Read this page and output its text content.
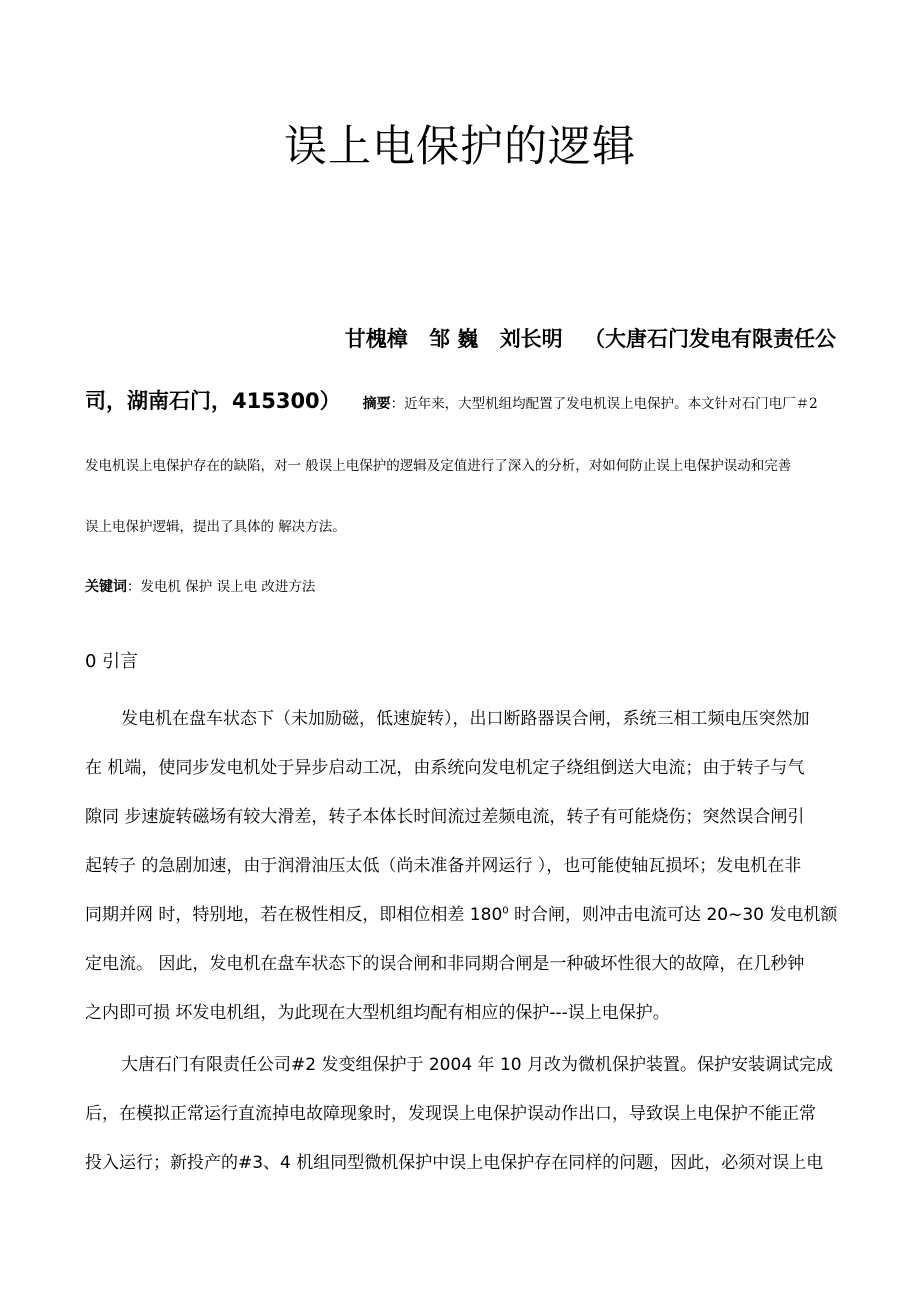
误上电保护的逻辑
甘槐樟 邹 巍 刘长明 （大唐石门发电有限责任公
司，湖南石门，415300） 摘要：近年来，大型机组均配置了发电机误上电保护。本文针对石门电厂＃2
发电机误上电保护存在的缺陷，对一 般误上电保护的逻辑及定值进行了深入的分析，对如何防止误上电保护误动和完善
误上电保护逻辑，提出了具体的 解决方法。
关键词：发电机 保护 误上电 改进方法
0 引言
发电机在盘车状态下（未加励磁，低速旋转），出口断路器误合闸，系统三相工频电压突然加
在 机端，使同步发电机处于异步启动工况，由系统向发电机定子绕组倒送大电流；由于转子与气
隙同 步速旋转磁场有较大滑差，转子本体长时间流过差频电流，转子有可能烧伤；突然误合闸引
起转子 的急剧加速，由于润滑油压太低（尚未准备并网运行 ），也可能使轴瓦损坏；发电机在非
同期并网 时，特别地，若在极性相反，即相位相差 $180^0$ 时合闸，则冲击电流可达 20~30 发电机额
定电流。 因此，发电机在盘车状态下的误合闸和非同期合闸是一种破坏性很大的故障，在几秒钟
之内即可损 坏发电机组，为此现在大型机组均配有相应的保护---误上电保护。
大唐石门有限责任公司#2 发变组保护于 2004 年 10 月改为微机保护装置。保护安装调试完成
后，在模拟正常运行直流掉电故障现象时，发现误上电保护误动作出口，导致误上电保护不能正常
投入运行；新投产的#3、4 机组同型微机保护中误上电保护存在同样的问题，因此，必须对误上电
